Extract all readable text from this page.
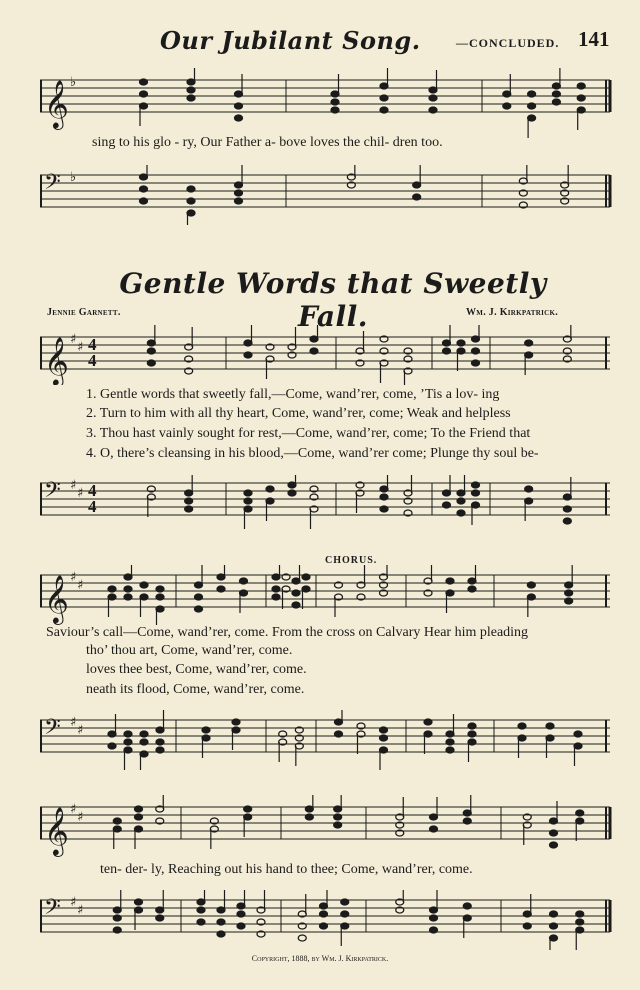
Our Jubilant Song.	—CONCLUDED. 141
𝄞 ♭
sing to his glo - ry, Our Father a- bove loves the chil- dren too.
𝄢 ♭
Gentle Words that Sweetly Fall.
Jennie Garnett.	Wm. J. Kirkpatrick.
𝄞 ♯
♯ 4
4
1. Gentle words that sweetly fall,—Come, wand’rer, come, ’Tis a lov- ing
2. Turn to him with all thy heart, Come, wand’rer, come; Weak and helpless
3. Thou hast vainly sought for rest,—Come, wand’rer, come; To the Friend that
4. O, there’s cleansing in his blood,—Come, wand’rer come; Plunge thy soul be-
𝄢 ♯
♯ 4
4
CHORUS.
𝄞 ♯
♯
Saviour’s call—Come, wand’rer, come. From the cross on Calvary Hear him pleading
tho’ thou art, Come, wand’rer, come.
loves thee best, Come, wand’rer, come.
neath its flood, Come, wand’rer, come.
𝄢 ♯
♯
𝄞 ♯
♯
ten- der- ly, Reaching out his hand to thee; Come, wand’rer, come.
𝄢 ♯
♯
Copyright, 1888, by Wm. J. Kirkpatrick.
